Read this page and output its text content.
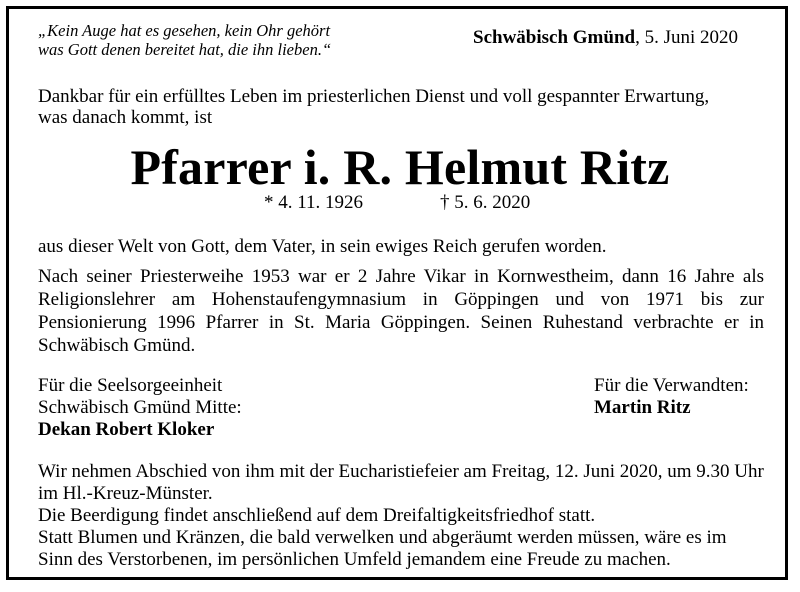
„Kein Auge hat es gesehen, kein Ohr gehört
was Gott denen bereitet hat, die ihn lieben.“
Schwäbisch Gmünd, 5. Juni 2020
Dankbar für ein erfülltes Leben im priesterlichen Dienst und voll gespannter Erwartung,
was danach kommt, ist
Pfarrer i. R. Helmut Ritz
* 4. 11. 1926	† 5. 6. 2020
aus dieser Welt von Gott, dem Vater, in sein ewiges Reich gerufen worden.
Nach seiner Priesterweihe 1953 war er 2 Jahre Vikar in Kornwestheim, dann 16 Jahre als Religionslehrer am Hohenstaufengymnasium in Göppingen und von 1971 bis zur Pensionierung 1996 Pfarrer in St. Maria Göppingen. Seinen Ruhestand verbrachte er in Schwäbisch Gmünd.
Für die Seelsorgeeinheit
Schwäbisch Gmünd Mitte:
Dekan Robert Kloker
Für die Verwandten:
Martin Ritz
Wir nehmen Abschied von ihm mit der Eucharistiefeier am Freitag, 12. Juni 2020, um 9.30 Uhr
im Hl.-Kreuz-Münster.
Die Beerdigung findet anschließend auf dem Dreifaltigkeitsfriedhof statt.
Statt Blumen und Kränzen, die bald verwelken und abgeräumt werden müssen, wäre es im
Sinn des Verstorbenen, im persönlichen Umfeld jemandem eine Freude zu machen.
